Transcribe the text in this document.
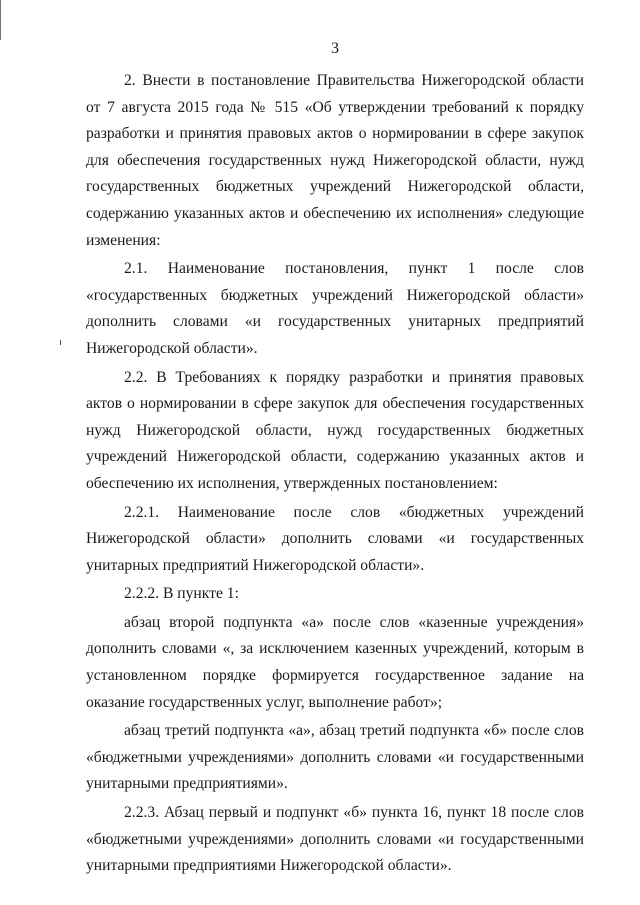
3

2. Внести в постановление Правительства Нижегородской области от 7 августа 2015 года № 515 «Об утверждении требований к порядку разработки и принятия правовых актов о нормировании в сфере закупок для обеспечения государственных нужд Нижегородской области, нужд государственных бюджетных учреждений Нижегородской области, содержанию указанных актов и обеспечению их исполнения» следующие изменения:

2.1. Наименование постановления, пункт 1 после слов «государственных бюджетных учреждений Нижегородской области» дополнить словами «и государственных унитарных предприятий Нижегородской области».

2.2. В Требованиях к порядку разработки и принятия правовых актов о нормировании в сфере закупок для обеспечения государственных нужд Нижегородской области, нужд государственных бюджетных учреждений Нижегородской области, содержанию указанных актов и обеспечению их исполнения, утвержденных постановлением:

2.2.1. Наименование после слов «бюджетных учреждений Нижегородской области» дополнить словами «и государственных унитарных предприятий Нижегородской области».

2.2.2. В пункте 1:

абзац второй подпункта «а» после слов «казенные учреждения» дополнить словами «, за исключением казенных учреждений, которым в установленном порядке формируется государственное задание на оказание государственных услуг, выполнение работ»;

абзац третий подпункта «а», абзац третий подпункта «б» после слов «бюджетными учреждениями» дополнить словами «и государственными унитарными предприятиями».

2.2.3. Абзац первый и подпункт «б» пункта 16, пункт 18 после слов «бюджетными учреждениями» дополнить словами «и государственными унитарными предприятиями Нижегородской области».
